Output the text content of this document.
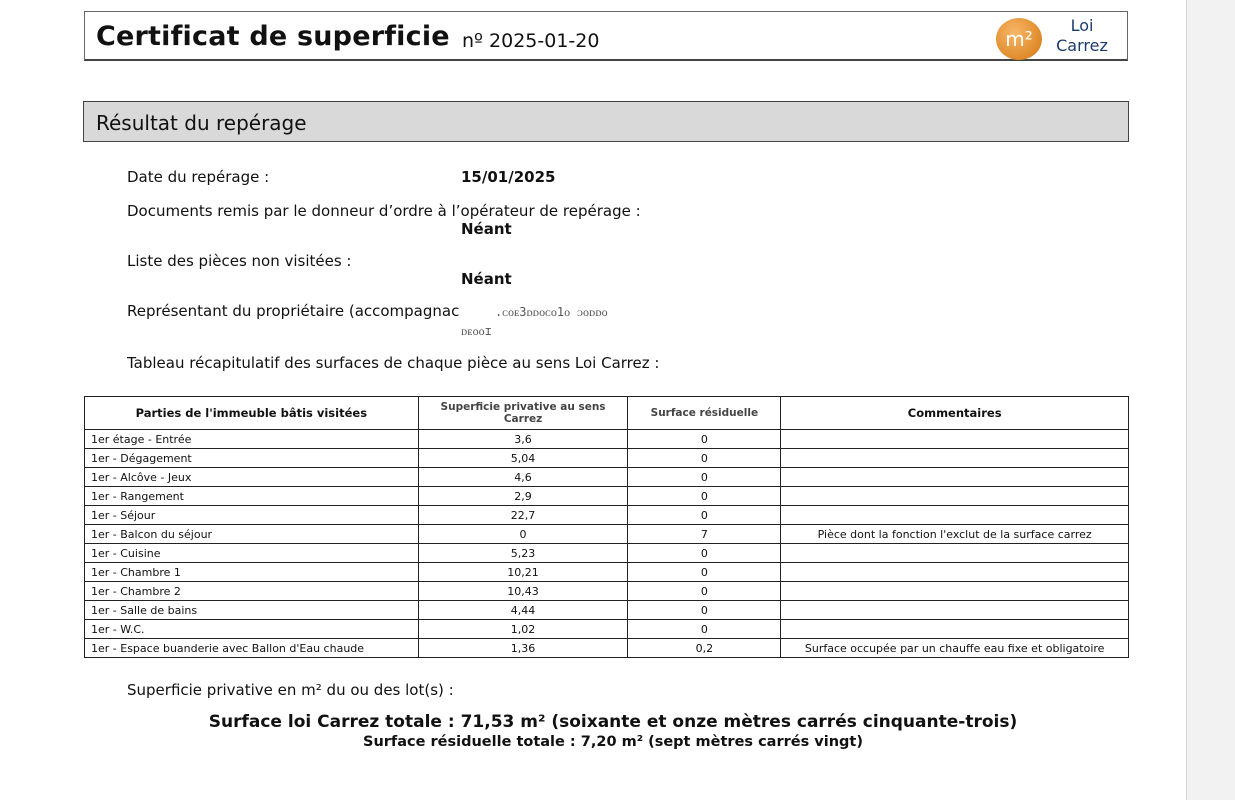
Certificat de superficie nº 2025-01-20	m²
Loi
Carrez
Résultat du repérage
Date du repérage :	15/01/2025
Documents remis par le donneur d’ordre à l’opérateur de repérage :
Néant
Liste des pièces non visitées :
Néant
Représentant du propriétaire (accompagnac	.ᴄᴏᴇ3ᴅᴅᴏᴄᴏ1ᴏ ᴐᴏᴅᴅᴏ
ᴅᴇᴏᴏɪ
Tableau récapitulatif des surfaces de chaque pièce au sens Loi Carrez :
Parties de l'immeuble bâtis visitées	Superficie privative au sens Carrez	Surface résiduelle	Commentaires
1er étage - Entrée	3,6	0	
1er - Dégagement	5,04	0	
1er - Alcôve - Jeux	4,6	0	
1er - Rangement	2,9	0	
1er - Séjour	22,7	0	
1er - Balcon du séjour	0	7	Pièce dont la fonction l'exclut de la surface carrez
1er - Cuisine	5,23	0	
1er - Chambre 1	10,21	0	
1er - Chambre 2	10,43	0	
1er - Salle de bains	4,44	0	
1er - W.C.	1,02	0	
1er - Espace buanderie avec Ballon d'Eau chaude	1,36	0,2	Surface occupée par un chauffe eau fixe et obligatoire
Superficie privative en m² du ou des lot(s) :
Surface loi Carrez totale : 71,53 m² (soixante et onze mètres carrés cinquante-trois)
Surface résiduelle totale : 7,20 m² (sept mètres carrés vingt)
